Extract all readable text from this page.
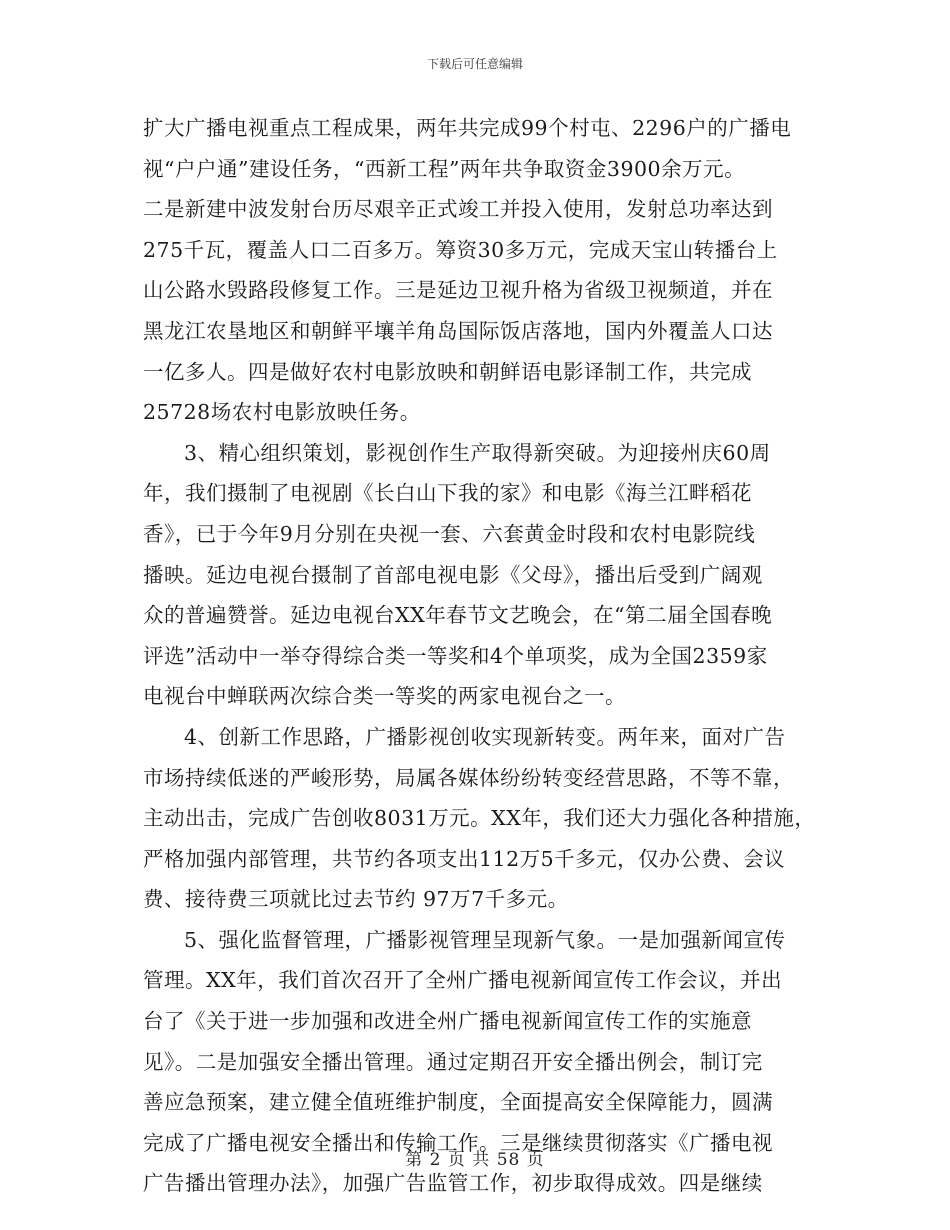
下载后可任意编辑
扩大广播电视重点工程成果，两年共完成99个村屯、2296户的广播电
视“户户通”建设任务，“西新工程”两年共争取资金3900余万元。
二是新建中波发射台历尽艰辛正式竣工并投入使用，发射总功率达到
275千瓦，覆盖人口二百多万。筹资30多万元，完成天宝山转播台上
山公路水毁路段修复工作。三是延边卫视升格为省级卫视频道，并在
黑龙江农垦地区和朝鲜平壤羊角岛国际饭店落地，国内外覆盖人口达
一亿多人。四是做好农村电影放映和朝鲜语电影译制工作，共完成
25728场农村电影放映任务。
3、精心组织策划，影视创作生产取得新突破。为迎接州庆60周
年，我们摄制了电视剧《长白山下我的家》和电影《海兰江畔稻花
香》，已于今年9月分别在央视一套、六套黄金时段和农村电影院线
播映。延边电视台摄制了首部电视电影《父母》，播出后受到广阔观
众的普遍赞誉。延边电视台XX年春节文艺晚会，在“第二届全国春晚
评选”活动中一举夺得综合类一等奖和4个单项奖，成为全国2359家
电视台中蝉联两次综合类一等奖的两家电视台之一。
4、创新工作思路，广播影视创收实现新转变。两年来，面对广告
市场持续低迷的严峻形势，局属各媒体纷纷转变经营思路，不等不靠，
主动出击，完成广告创收8031万元。XX年，我们还大力强化各种措施，
严格加强内部管理，共节约各项支出112万5千多元，仅办公费、会议
费、接待费三项就比过去节约 97万7千多元。
5、强化监督管理，广播影视管理呈现新气象。一是加强新闻宣传
管理。XX年，我们首次召开了全州广播电视新闻宣传工作会议，并出
台了《关于进一步加强和改进全州广播电视新闻宣传工作的实施意
见》。二是加强安全播出管理。通过定期召开安全播出例会，制订完
善应急预案，建立健全值班维护制度，全面提高安全保障能力，圆满
完成了广播电视安全播出和传输工作。三是继续贯彻落实《广播电视
广告播出管理办法》，加强广告监管工作，初步取得成效。四是继续
第 2 页 共 58 页
